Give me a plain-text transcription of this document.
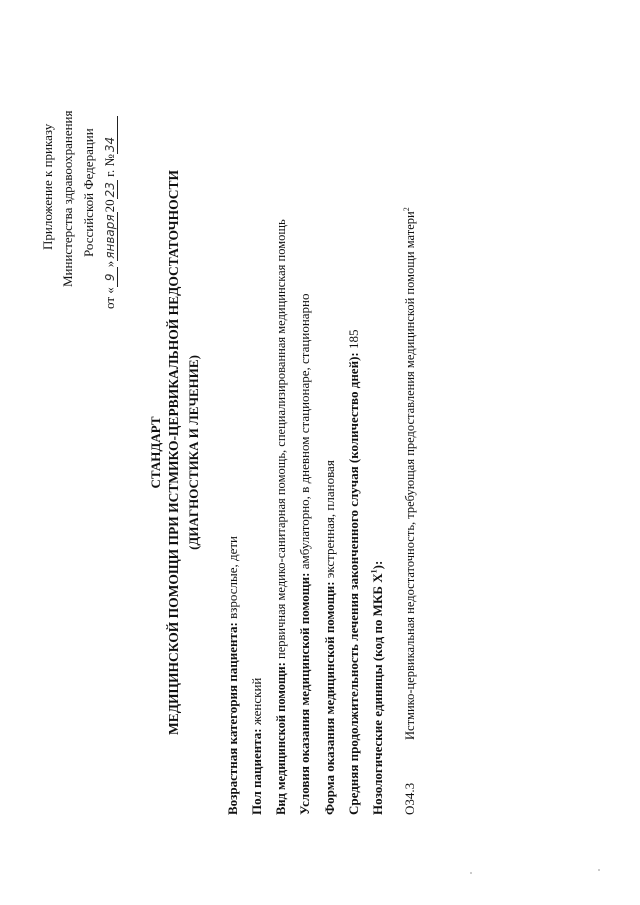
Приложение к приказу Министерства здравоохранения Российской Федерации
от «9»января2023 г. №34
СТАНДАРТ МЕДИЦИНСКОЙ ПОМОЩИ ПРИ ИСТМИКО-ЦЕРВИКАЛЬНОЙ НЕДОСТАТОЧНОСТИ (ДИАГНОСТИКА И ЛЕЧЕНИЕ)
Возрастная категория пациента: взрослые, дети
Пол пациента: женский Вид медицинской помощи: первичная медико-санитарная помощь, специализированная медицинская помощь
Условия оказания медицинской помощи: амбулаторно, в дневном стационаре, стационарно
Форма оказания медицинской помощи: экстренная, плановая Средняя продолжительность лечения законченного случая (количество дней): 185
Нозологические единицы (код по МКБ $X^1$):
O34.3
Истмико-цервикальная недостаточность, требующая предоставления медицинской помощи матери$^2$
